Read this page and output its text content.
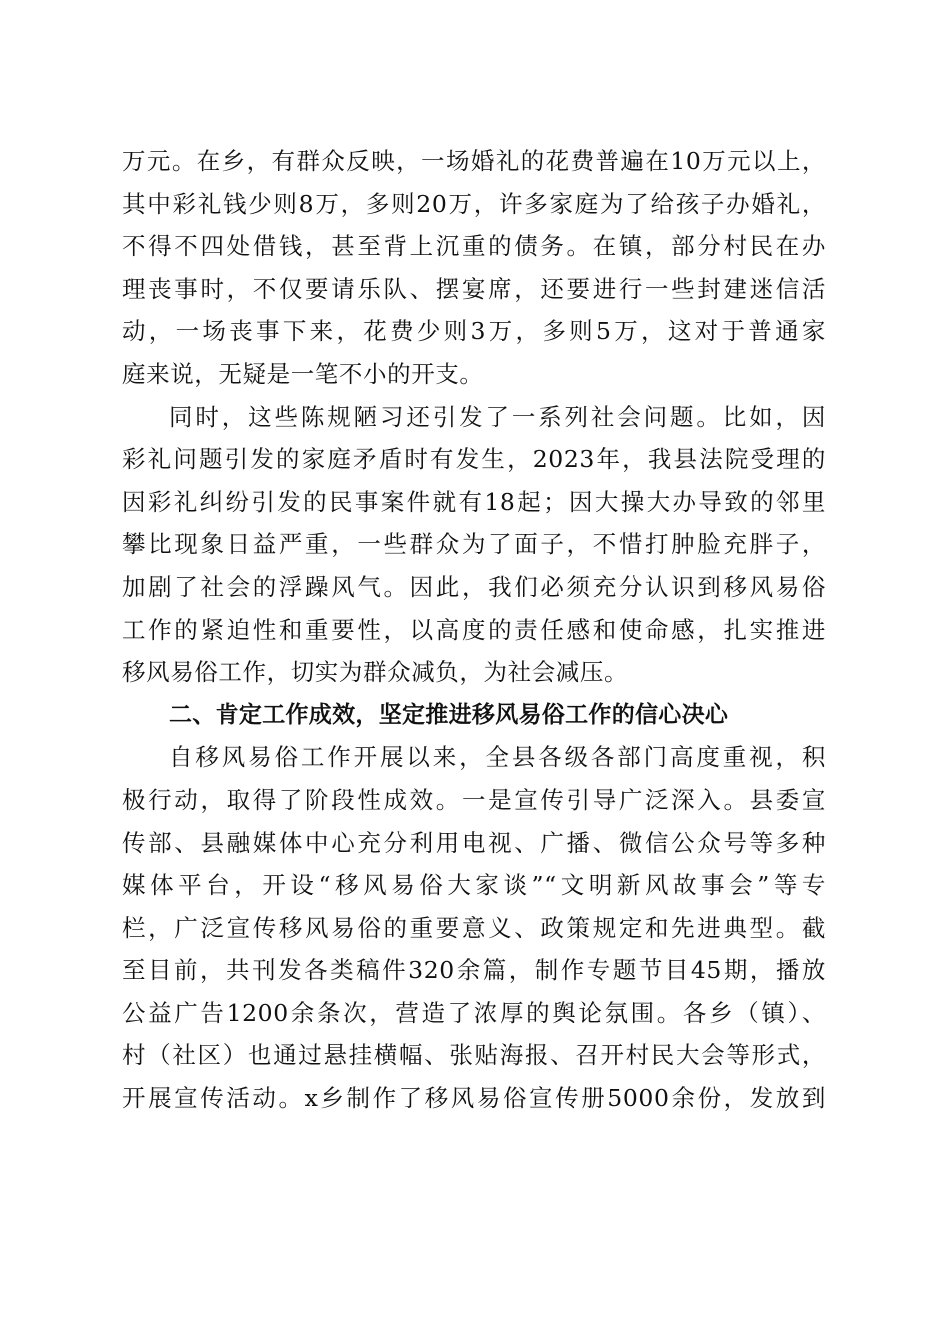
万元。在乡，有群众反映，一场婚礼的花费普遍在10万元以上，
其中彩礼钱少则8万，多则20万，许多家庭为了给孩子办婚礼，
不得不四处借钱，甚至背上沉重的债务。在镇，部分村民在办
理丧事时，不仅要请乐队、摆宴席，还要进行一些封建迷信活
动，一场丧事下来，花费少则3万，多则5万，这对于普通家
庭来说，无疑是一笔不小的开支。
同时，这些陈规陋习还引发了一系列社会问题。比如，因
彩礼问题引发的家庭矛盾时有发生，2023年，我县法院受理的
因彩礼纠纷引发的民事案件就有18起；因大操大办导致的邻里
攀比现象日益严重，一些群众为了面子，不惜打肿脸充胖子，
加剧了社会的浮躁风气。因此，我们必须充分认识到移风易俗
工作的紧迫性和重要性，以高度的责任感和使命感，扎实推进
移风易俗工作，切实为群众减负，为社会减压。
二、肯定工作成效，坚定推进移风易俗工作的信心决心
自移风易俗工作开展以来，全县各级各部门高度重视，积
极行动，取得了阶段性成效。一是宣传引导广泛深入。县委宣
传部、县融媒体中心充分利用电视、广播、微信公众号等多种
媒体平台，开设“移风易俗大家谈”“文明新风故事会”等专
栏，广泛宣传移风易俗的重要意义、政策规定和先进典型。截
至目前，共刊发各类稿件320余篇，制作专题节目45期，播放
公益广告1200余条次，营造了浓厚的舆论氛围。各乡（镇）、
村（社区）也通过悬挂横幅、张贴海报、召开村民大会等形式，
开展宣传活动。x乡制作了移风易俗宣传册5000余份，发放到
